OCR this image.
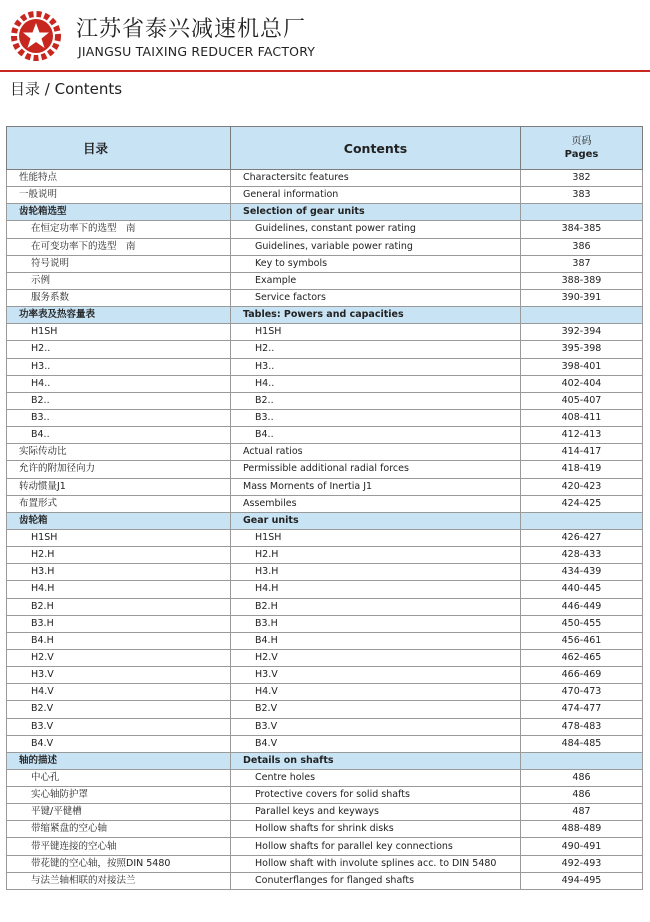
江苏省泰兴减速机总厂
JIANGSU TAIXING REDUCER FACTORY
目录 / Contents
目录	Contents	页码
Pages

性能特点	Charactersitc features	382
一般说明	General information	383
齿轮箱选型	Selection of gear units	
在恒定功率下的选型　南	Guidelines, constant power rating	384-385
在可变功率下的选型　南	Guidelines, variable power rating	386
符号说明	Key to symbols	387
示例	Example	388-389
服务系数	Service factors	390-391
功率表及热容量表	Tables: Powers and capacities	
H1SH	H1SH	392-394
H2..	H2..	395-398
H3..	H3..	398-401
H4..	H4..	402-404
B2..	B2..	405-407
B3..	B3..	408-411
B4..	B4..	412-413
实际传动比	Actual ratios	414-417
允许的附加径向力	Permissible additional radial forces	418-419
转动惯量J1	Mass Mornents of Inertia J1	420-423
布置形式	Assembiles	424-425
齿轮箱	Gear units	
H1SH	H1SH	426-427
H2.H	H2.H	428-433
H3.H	H3.H	434-439
H4.H	H4.H	440-445
B2.H	B2.H	446-449
B3.H	B3.H	450-455
B4.H	B4.H	456-461
H2.V	H2.V	462-465
H3.V	H3.V	466-469
H4.V	H4.V	470-473
B2.V	B2.V	474-477
B3.V	B3.V	478-483
B4.V	B4.V	484-485
轴的描述	Details on shafts	
中心孔	Centre holes	486
实心轴防护罩	Protective covers for solid shafts	486
平键/平健槽	Parallel keys and keyways	487
带缩紧盘的空心轴	Hollow shafts for shrink disks	488-489
带平键连接的空心轴	Hollow shafts for parallel key connections	490-491
带花键的空心轴，按照DIN 5480	Hollow shaft with involute splines acc. to DIN 5480	492-493
与法兰轴相联的对接法兰	Conuterflanges for flanged shafts	494-495
